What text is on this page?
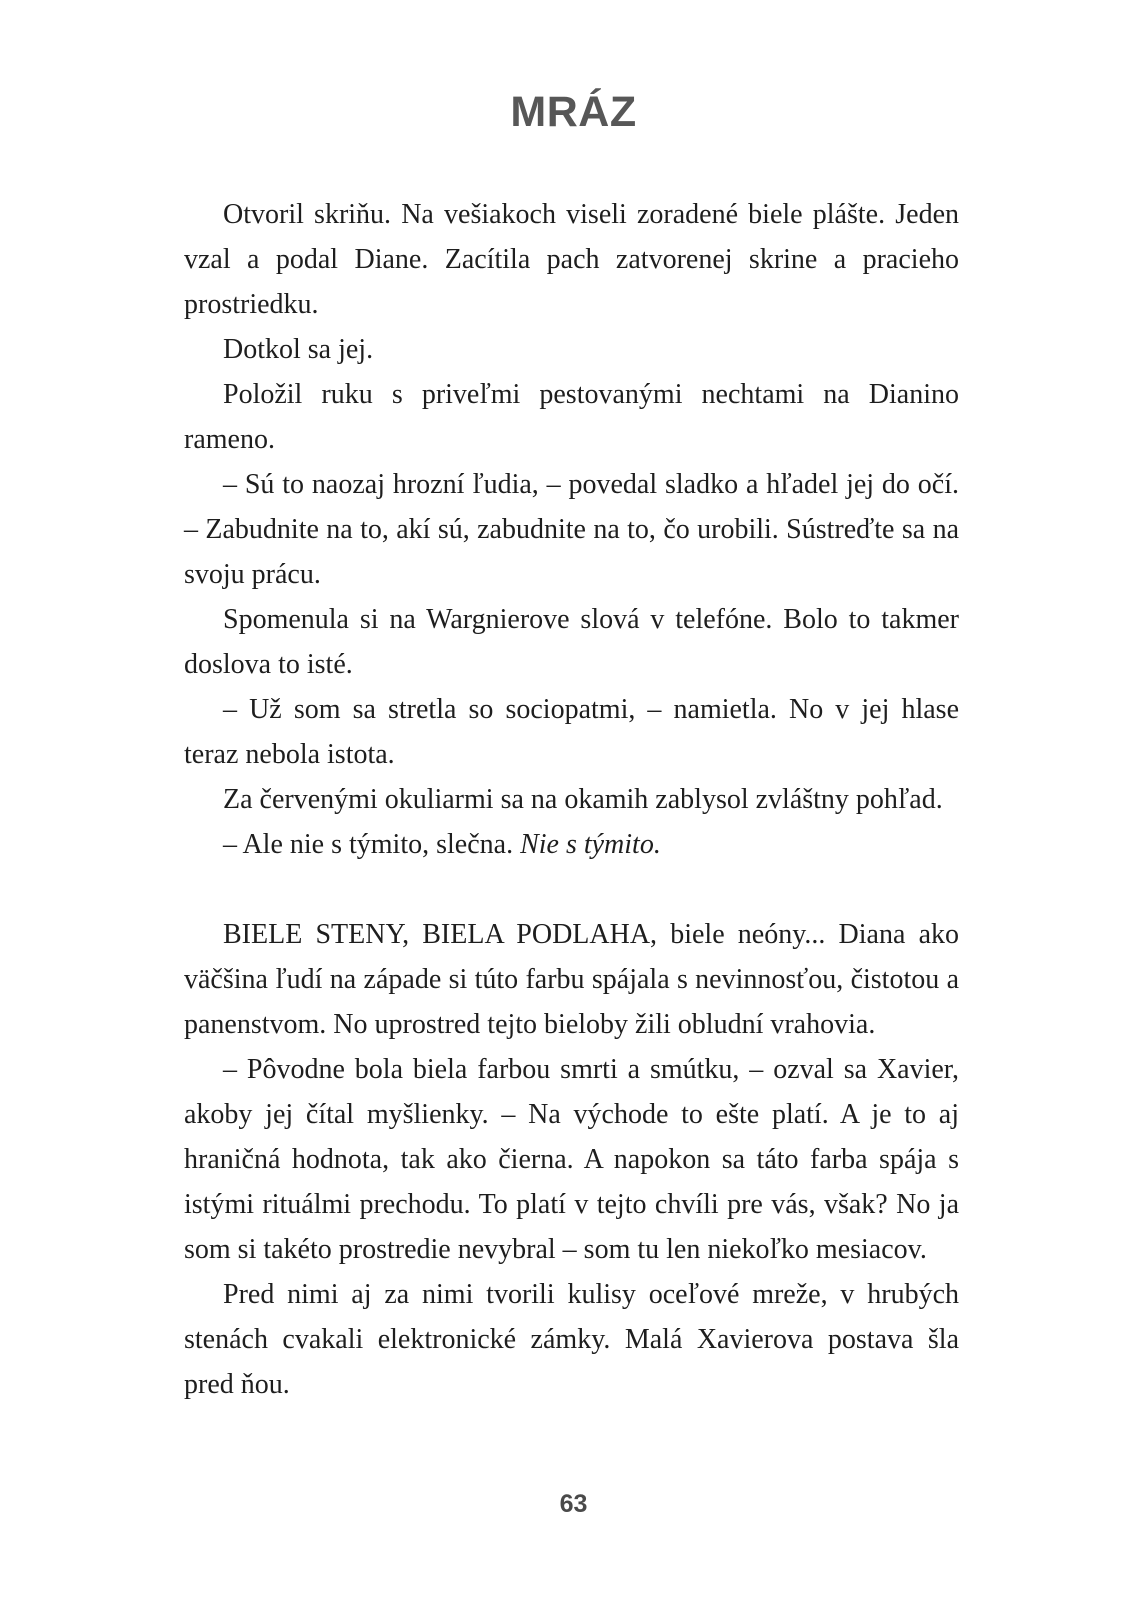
MRÁZ

Otvoril skriňu. Na vešiakoch viseli zoradené biele plášte. Jeden vzal a podal Diane. Zacítila pach zatvorenej skrine a pracieho prostriedku.

Dotkol sa jej.

Položil ruku s priveľmi pestovanými nechtami na Dianino rameno.

– Sú to naozaj hrozní ľudia, – povedal sladko a hľadel jej do očí. – Zabudnite na to, akí sú, zabudnite na to, čo urobili. Sústreďte sa na svoju prácu.

Spomenula si na Wargnierove slová v telefóne. Bolo to takmer doslova to isté.

– Už som sa stretla so sociopatmi, – namietla. No v jej hlase teraz nebola istota.

Za červenými okuliarmi sa na okamih zablysol zvláštny pohľad.

– Ale nie s týmito, slečna. Nie s týmito.

BIELE STENY, BIELA PODLAHA, biele neóny... Diana ako väčšina ľudí na západe si túto farbu spájala s nevinnosťou, čistotou a panenstvom. No uprostred tejto bieloby žili obludní vrahovia.

– Pôvodne bola biela farbou smrti a smútku, – ozval sa Xavier, akoby jej čítal myšlienky. – Na východe to ešte platí. A je to aj hraničná hodnota, tak ako čierna. A napokon sa táto farba spája s istými rituálmi prechodu. To platí v tejto chvíli pre vás, však? No ja som si takéto prostredie nevybral – som tu len niekoľko mesiacov.

Pred nimi aj za nimi tvorili kulisy oceľové mreže, v hrubých stenách cvakali elektronické zámky. Malá Xavierova postava šla pred ňou.

63
